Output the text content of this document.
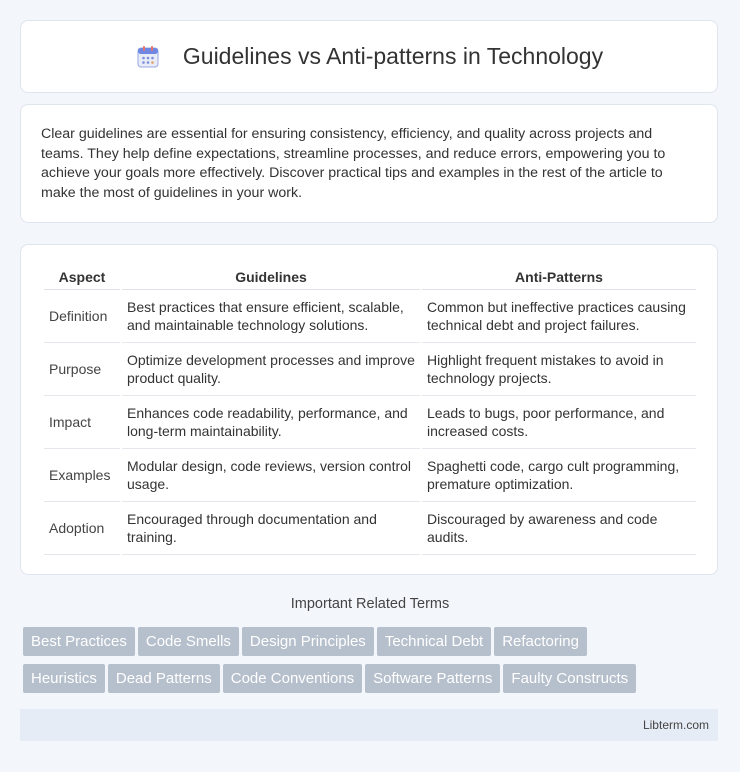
Guidelines vs Anti-patterns in Technology

Clear guidelines are essential for ensuring consistency, efficiency, and quality across projects and teams. They help define expectations, streamline processes, and reduce errors, empowering you to achieve your goals more effectively. Discover practical tips and examples in the rest of the article to make the most of guidelines in your work.

Aspect	Guidelines	Anti-Patterns
Definition	Best practices that ensure efficient, scalable, and maintainable technology solutions.	Common but ineffective practices causing technical debt and project failures.
Purpose	Optimize development processes and improve product quality.	Highlight frequent mistakes to avoid in technology projects.
Impact	Enhances code readability, performance, and long-term maintainability.	Leads to bugs, poor performance, and increased costs.
Examples	Modular design, code reviews, version control usage.	Spaghetti code, cargo cult programming, premature optimization.
Adoption	Encouraged through documentation and training.	Discouraged by awareness and code audits.
Important Related Terms
Best Practices Code Smells Design Principles Technical Debt Refactoring
Heuristics Dead Patterns Code Conventions Software Patterns Faulty Constructs
Libterm.com
